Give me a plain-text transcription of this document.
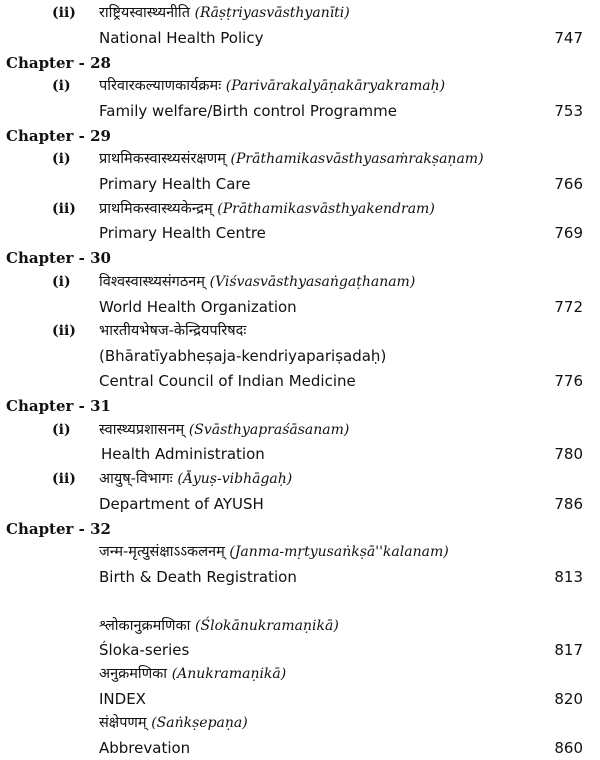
(ii) राष्ट्रियस्वास्थ्यनीति (Rāṣṭriyasvāsthyanīti)
National Health Policy	747
Chapter - 28
(i) परिवारकल्याणकार्यक्रमः (Parivārakalyāṇakāryakramaḥ)
Family welfare/Birth control Programme	753
Chapter - 29
(i) प्राथमिकस्वास्थ्यसंरक्षणम् (Prāthamikasvāsthyasaṁrakṣaṇam)
Primary Health Care	766
(ii) प्राथमिकस्वास्थ्यकेन्द्रम् (Prāthamikasvāsthyakendram)
Primary Health Centre	769
Chapter - 30
(i) विश्वस्वास्थ्यसंगठनम् (Viśvasvāsthyasaṅgaṭhanam)
World Health Organization	772
(ii) भारतीयभेषज-केन्द्रियपरिषदः
(Bhāratīyabheṣaja-kendriyapariṣadaḥ)
Central Council of Indian Medicine	776
Chapter - 31
(i) स्वास्थ्यप्रशासनम् (Svāsthyapraśāsanam)
Health Administration	780
(ii) आयुष्-विभागः (Āyuṣ-vibhāgaḥ)
Department of AYUSH	786
Chapter - 32
जन्म-मृत्युसंक्षाऽऽकलनम् (Janma-mṛtyusaṅkṣā''kalanam)
Birth & Death Registration	813
श्लोकानुक्रमणिका (Ślokānukramaṇikā)
Śloka-series	817
अनुक्रमणिका (Anukramaṇikā)
INDEX	820
संक्षेपणम् (Saṅkṣepaṇa)
Abbrevation	860
